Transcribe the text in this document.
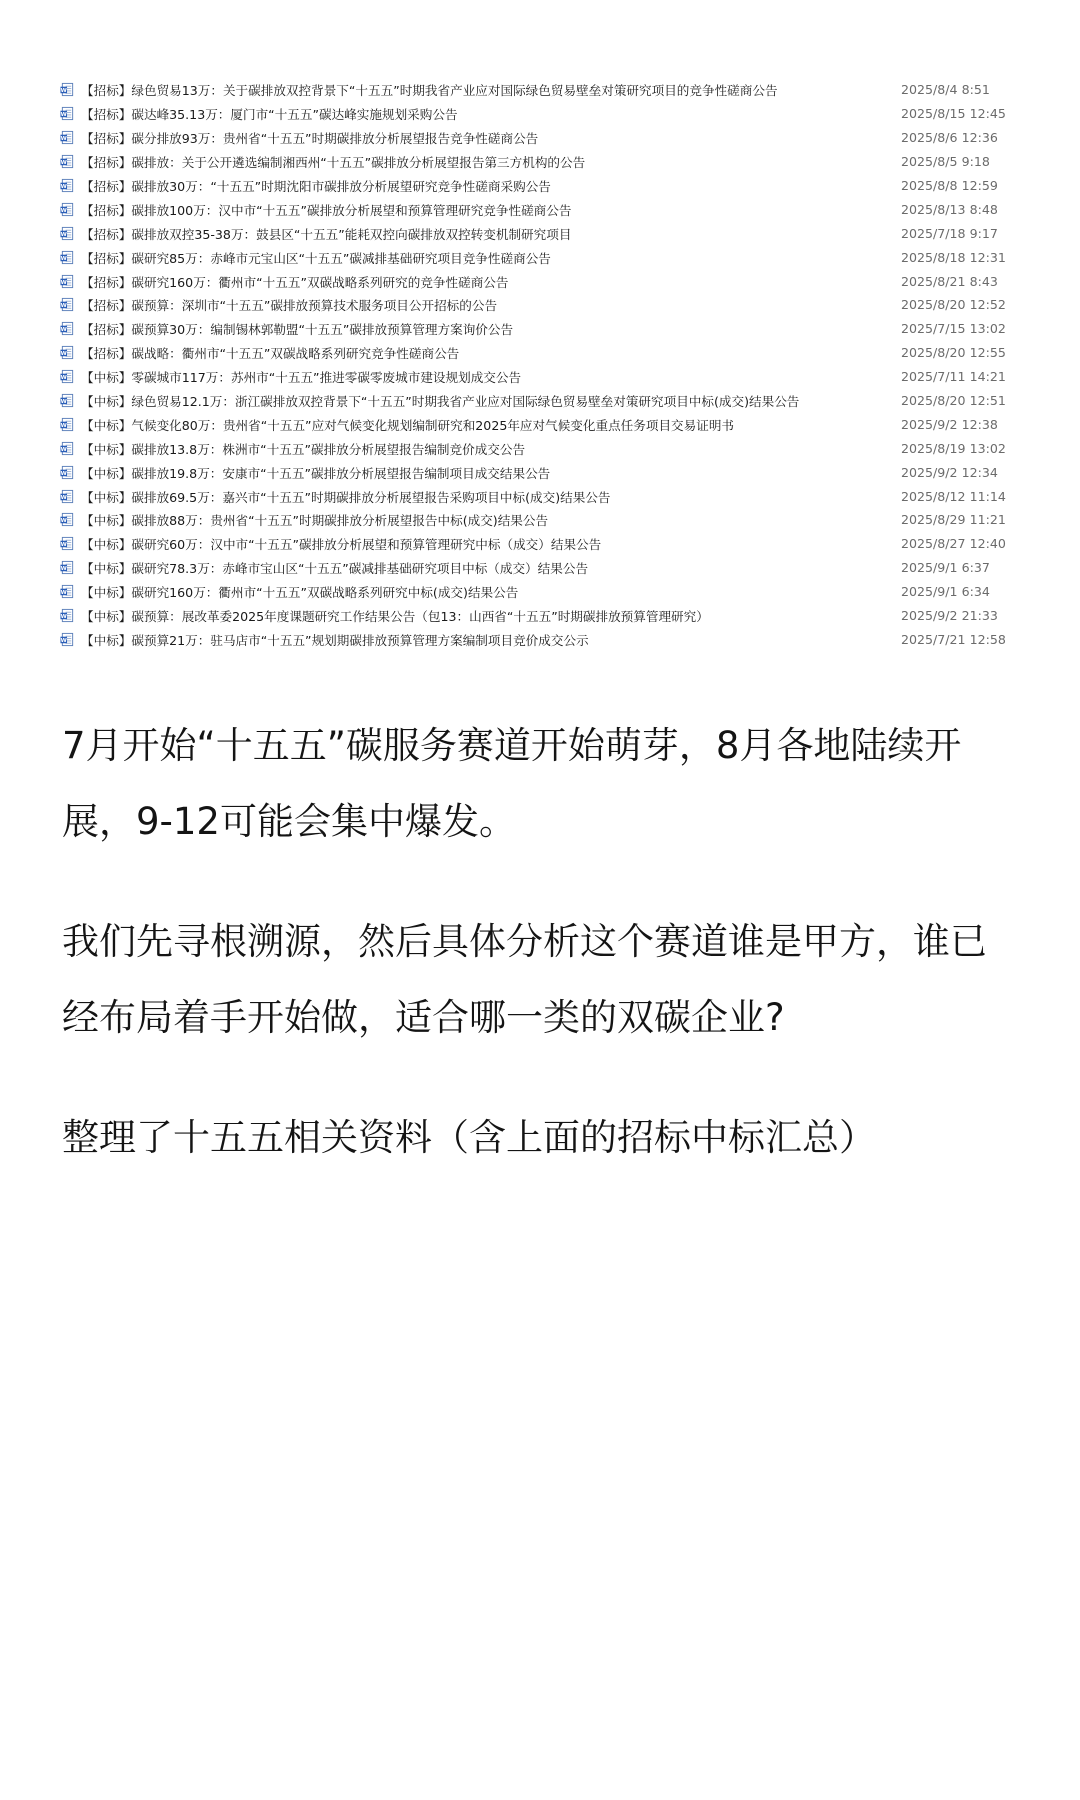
W 【招标】绿色贸易13万：关于碳排放双控背景下“十五五”时期我省产业应对国际绿色贸易壁垒对策研究项目的竞争性磋商公告	2025/8/4 8:51
W 【招标】碳达峰35.13万：厦门市“十五五”碳达峰实施规划采购公告	2025/8/15 12:45
W 【招标】碳分排放93万：贵州省“十五五”时期碳排放分析展望报告竞争性磋商公告	2025/8/6 12:36
W 【招标】碳排放：关于公开遴选编制湘西州“十五五”碳排放分析展望报告第三方机构的公告	2025/8/5 9:18
W 【招标】碳排放30万：“十五五”时期沈阳市碳排放分析展望研究竞争性磋商采购公告	2025/8/8 12:59
W 【招标】碳排放100万：汉中市“十五五”碳排放分析展望和预算管理研究竞争性磋商公告	2025/8/13 8:48
W 【招标】碳排放双控35-38万：鼓县区“十五五”能耗双控向碳排放双控转变机制研究项目	2025/7/18 9:17
W 【招标】碳研究85万：赤峰市元宝山区“十五五”碳减排基础研究项目竞争性磋商公告	2025/8/18 12:31
W 【招标】碳研究160万：衢州市“十五五”双碳战略系列研究的竞争性磋商公告	2025/8/21 8:43
W 【招标】碳预算：深圳市“十五五”碳排放预算技术服务项目公开招标的公告	2025/8/20 12:52
W 【招标】碳预算30万：编制锡林郭勒盟“十五五”碳排放预算管理方案询价公告	2025/7/15 13:02
W 【招标】碳战略：衢州市“十五五”双碳战略系列研究竞争性磋商公告	2025/8/20 12:55
W 【中标】零碳城市117万：苏州市“十五五”推进零碳零废城市建设规划成交公告	2025/7/11 14:21
W 【中标】绿色贸易12.1万：浙江碳排放双控背景下“十五五”时期我省产业应对国际绿色贸易壁垒对策研究项目中标(成交)结果公告	2025/8/20 12:51
W 【中标】气候变化80万：贵州省“十五五”应对气候变化规划编制研究和2025年应对气候变化重点任务项目交易证明书	2025/9/2 12:38
W 【中标】碳排放13.8万：株洲市“十五五”碳排放分析展望报告编制竞价成交公告	2025/8/19 13:02
W 【中标】碳排放19.8万：安康市“十五五”碳排放分析展望报告编制项目成交结果公告	2025/9/2 12:34
W 【中标】碳排放69.5万：嘉兴市“十五五”时期碳排放分析展望报告采购项目中标(成交)结果公告	2025/8/12 11:14
W 【中标】碳排放88万：贵州省“十五五”时期碳排放分析展望报告中标(成交)结果公告	2025/8/29 11:21
W 【中标】碳研究60万：汉中市“十五五”碳排放分析展望和预算管理研究中标（成交）结果公告	2025/8/27 12:40
W 【中标】碳研究78.3万：赤峰市宝山区“十五五”碳减排基础研究项目中标（成交）结果公告	2025/9/1 6:37
W 【中标】碳研究160万：衢州市“十五五”双碳战略系列研究中标(成交)结果公告	2025/9/1 6:34
W 【中标】碳预算：展改革委2025年度课题研究工作结果公告（包13：山西省“十五五”时期碳排放预算管理研究）	2025/9/2 21:33
W 【中标】碳预算21万：驻马店市“十五五”规划期碳排放预算管理方案编制项目竞价成交公示	2025/7/21 12:58

7月开始“十五五”碳服务赛道开始萌芽，8月各地陆续开展，9-12可能会集中爆发。

我们先寻根溯源，然后具体分析这个赛道谁是甲方，谁已经布局着手开始做，适合哪一类的双碳企业?

整理了十五五相关资料（含上面的招标中标汇总）
